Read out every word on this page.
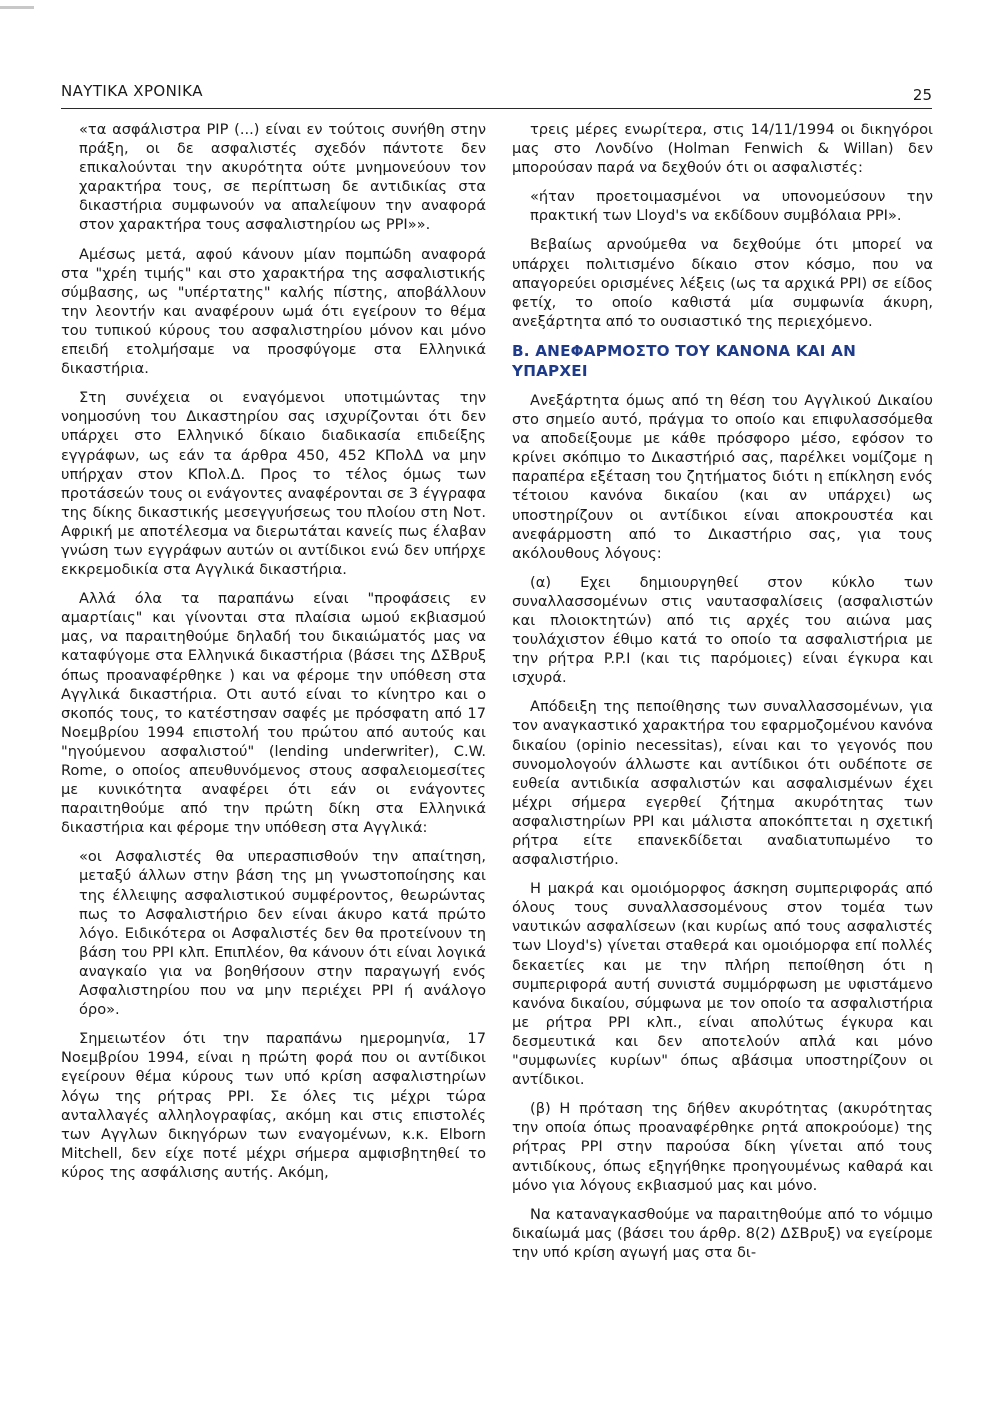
ΝΑΥΤΙΚΑ ΧΡΟΝΙΚΑ	25

«τα ασφάλιστρα PIP (...) είναι εν τούτοις συνήθη στην πράξη, οι δε ασφαλιστές σχεδόν πάντοτε δεν επικαλούνται την ακυρότητα ούτε μνημονεύουν τον χαρακτήρα τους, σε περίπτωση δε αντιδικίας στα δικαστήρια συμφωνούν να απαλείψουν την αναφορά στον χαρακτήρα τους ασφαλιστηρίου ως PPI»».

Αμέσως μετά, αφού κάνουν μίαν πομπώδη αναφορά στα "χρέη τιμής" και στο χαρακτήρα της ασφαλιστικής σύμβασης, ως "υπέρτατης" καλής πίστης, αποβάλλουν την λεοντήν και αναφέρουν ωμά ότι εγείρουν το θέμα του τυπικού κύρους του ασφαλιστηρίου μόνον και μόνο επειδή ετολμήσαμε να προσφύγομε στα Ελληνικά δικαστήρια.

Στη συνέχεια οι εναγόμενοι υποτιμώντας την νοημοσύνη του Δικαστηρίου σας ισχυρίζονται ότι δεν υπάρχει στο Ελληνικό δίκαιο διαδικασία επιδείξης εγγράφων, ως εάν τα άρθρα 450, 452 ΚΠολΔ να μην υπήρχαν στον ΚΠολ.Δ. Προς το τέλος όμως των προτάσεών τους οι ενάγοντες αναφέρονται σε 3 έγγραφα της δίκης δικαστικής μεσεγγυήσεως του πλοίου στη Νοτ. Αφρική με αποτέλεσμα να διερωτάται κανείς πως έλαβαν γνώση των εγγράφων αυτών οι αντίδικοι ενώ δεν υπήρχε εκκρεμοδικία στα Αγγλικά δικαστήρια.

Αλλά όλα τα παραπάνω είναι "προφάσεις εν αμαρτίαις" και γίνονται στα πλαίσια ωμού εκβιασμού μας, να παραιτηθούμε δηλαδή του δικαιώματός μας να καταφύγομε στα Ελληνικά δικαστήρια (βάσει της ΔΣΒρυξ όπως προαναφέρθηκε ) και να φέρομε την υπόθεση στα Αγγλικά δικαστήρια. Οτι αυτό είναι το κίνητρο και ο σκοπός τους, το κατέστησαν σαφές με πρόσφατη από 17 Νοεμβρίου 1994 επιστολή του πρώτου από αυτούς και "ηγούμενου ασφαλιστού" (lending underwriter), C.W. Rome, ο οποίος απευθυνόμενος στους ασφαλειομεσίτες με κυνικότητα αναφέρει ότι εάν οι ενάγοντες παραιτηθούμε από την πρώτη δίκη στα Ελληνικά δικαστήρια και φέρομε την υπόθεση στα Αγγλικά:

«οι Ασφαλιστές θα υπερασπισθούν την απαίτηση, μεταξύ άλλων στην βάση της μη γνωστοποίησης και της έλλειψης ασφαλιστικού συμφέροντος, θεωρώντας πως το Ασφαλιστήριο δεν είναι άκυρο κατά πρώτο λόγο. Ειδικότερα οι Ασφαλιστές δεν θα προτείνουν τη βάση του PPI κλπ. Επιπλέον, θα κάνουν ότι είναι λογικά αναγκαίο για να βοηθήσουν στην παραγωγή ενός Ασφαλιστηρίου που να μην περιέχει PPI ή ανάλογο όρο».

Σημειωτέον ότι την παραπάνω ημερομηνία, 17 Νοεμβρίου 1994, είναι η πρώτη φορά που οι αντίδικοι εγείρουν θέμα κύρους των υπό κρίση ασφαλιστηρίων λόγω της ρήτρας PPI. Σε όλες τις μέχρι τώρα ανταλλαγές αλληλογραφίας, ακόμη και στις επιστολές των Αγγλων δικηγόρων των εναγομένων, κ.κ. Elborn Mitchell, δεν είχε ποτέ μέχρι σήμερα αμφισβητηθεί το κύρος της ασφάλισης αυτής. Ακόμη,

τρεις μέρες ενωρίτερα, στις 14/11/1994 οι δικηγόροι μας στο Λονδίνο (Holman Fenwich & Willan) δεν μπορούσαν παρά να δεχθούν ότι οι ασφαλιστές:

«ήταν προετοιμασμένοι να υπονομεύσουν την πρακτική των Lloyd's να εκδίδουν συμβόλαια PPI».

Βεβαίως αρνούμεθα να δεχθούμε ότι μπορεί να υπάρχει πολιτισμένο δίκαιο στον κόσμο, που να απαγορεύει ορισμένες λέξεις (ως τα αρχικά PPI) σε είδος φετίχ, το οποίο καθιστά μία συμφωνία άκυρη, ανεξάρτητα από το ουσιαστικό της περιεχόμενο.

Β. ΑΝΕΦΑΡΜΟΣΤΟ ΤΟΥ ΚΑΝΟΝΑ ΚΑΙ ΑΝ ΥΠΑΡΧΕΙ

Ανεξάρτητα όμως από τη θέση του Αγγλικού Δικαίου στο σημείο αυτό, πράγμα το οποίο και επιφυλασσόμεθα να αποδείξουμε με κάθε πρόσφορο μέσο, εφόσον το κρίνει σκόπιμο το Δικαστήριό σας, παρέλκει νομίζομε η παραπέρα εξέταση του ζητήματος διότι η επίκληση ενός τέτοιου κανόνα δικαίου (και αν υπάρχει) ως υποστηρίζουν οι αντίδικοι είναι αποκρουστέα και ανεφάρμοστη από το Δικαστήριο σας, για τους ακόλουθους λόγους:

(α) Εχει δημιουργηθεί στον κύκλο των συναλλασσομένων στις ναυτασφαλίσεις (ασφαλιστών και πλοιοκτητών) από τις αρχές του αιώνα μας τουλάχιστον έθιμο κατά το οποίο τα ασφαλιστήρια με την ρήτρα P.P.I (και τις παρόμοιες) είναι έγκυρα και ισχυρά.

Απόδειξη της πεποίθησης των συναλλασσομένων, για τον αναγκαστικό χαρακτήρα του εφαρμοζομένου κανόνα δικαίου (opinio necessitas), είναι και το γεγονός που συνομολογούν άλλωστε και αντίδικοι ότι ουδέποτε σε ευθεία αντιδικία ασφαλιστών και ασφαλισμένων έχει μέχρι σήμερα εγερθεί ζήτημα ακυρότητας των ασφαλιστηρίων PPI και μάλιστα αποκόπτεται η σχετική ρήτρα είτε επανεκδίδεται αναδιατυπωμένο το ασφαλιστήριο.

Η μακρά και ομοιόμορφος άσκηση συμπεριφοράς από όλους τους συναλλασσομένους στον τομέα των ναυτικών ασφαλίσεων (και κυρίως από τους ασφαλιστές των Lloyd's) γίνεται σταθερά και ομοιόμορφα επί πολλές δεκαετίες και με την πλήρη πεποίθηση ότι η συμπεριφορά αυτή συνιστά συμμόρφωση με υφιστάμενο κανόνα δικαίου, σύμφωνα με τον οποίο τα ασφαλιστήρια με ρήτρα PPI κλπ., είναι απολύτως έγκυρα και δεσμευτικά και δεν αποτελούν απλά και μόνο "συμφωνίες κυρίων" όπως αβάσιμα υποστηρίζουν οι αντίδικοι.

(β) Η πρόταση της δήθεν ακυρότητας (ακυρότητας την οποία όπως προαναφέρθηκε ρητά αποκρούομε) της ρήτρας PPI στην παρούσα δίκη γίνεται από τους αντιδίκους, όπως εξηγήθηκε προηγουμένως καθαρά και μόνο για λόγους εκβιασμού μας και μόνο.

Να καταναγκασθούμε να παραιτηθούμε από το νόμιμο δικαίωμά μας (βάσει του άρθρ. 8(2) ΔΣΒρυξ) να εγείρομε την υπό κρίση αγωγή μας στα δι-
